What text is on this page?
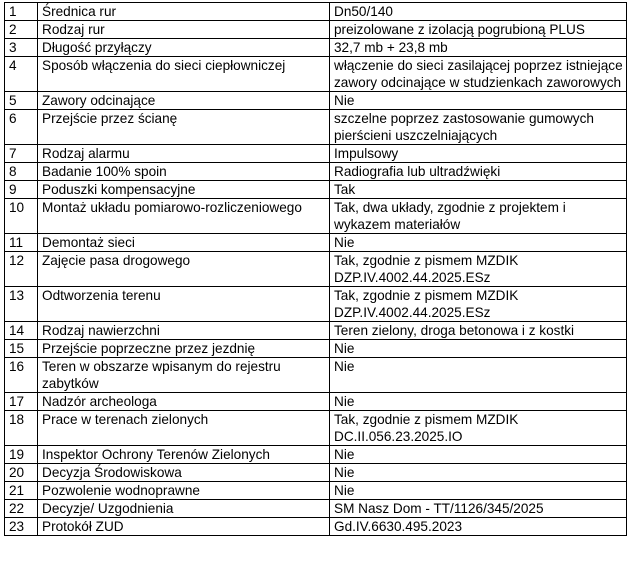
1	Średnica rur	Dn50/140
2	Rodzaj rur	preizolowane z izolacją pogrubioną PLUS
3	Długość przyłączy	32,7 mb + 23,8 mb
4	Sposób włączenia do sieci ciepłowniczej	włączenie do sieci zasilającej poprzez istniejące zawory odcinające w studzienkach zaworowych
5	Zawory odcinające	Nie
6	Przejście przez ścianę	szczelne poprzez zastosowanie gumowych pierścieni uszczelniających
7	Rodzaj alarmu	Impulsowy
8	Badanie 100% spoin	Radiografia lub ultradźwięki
9	Poduszki kompensacyjne	Tak
10	Montaż układu pomiarowo-rozliczeniowego	Tak, dwa układy, zgodnie z projektem i wykazem materiałów
11	Demontaż sieci	Nie
12	Zajęcie pasa drogowego	Tak, zgodnie z pismem MZDIK DZP.IV.4002.44.2025.ESz
13	Odtworzenia terenu	Tak, zgodnie z pismem MZDIK DZP.IV.4002.44.2025.ESz
14	Rodzaj nawierzchni	Teren zielony, droga betonowa i z kostki
15	Przejście poprzeczne przez jezdnię	Nie
16	Teren w obszarze wpisanym do rejestru zabytków	Nie
17	Nadzór archeologa	Nie
18	Prace w terenach zielonych	Tak, zgodnie z pismem MZDIK DC.II.056.23.2025.IO
19	Inspektor Ochrony Terenów Zielonych	Nie
20	Decyzja Środowiskowa	Nie
21	Pozwolenie wodnoprawne	Nie
22	Decyzje/ Uzgodnienia	SM Nasz Dom - TT/1126/345/2025
23	Protokół ZUD	Gd.IV.6630.495.2023
